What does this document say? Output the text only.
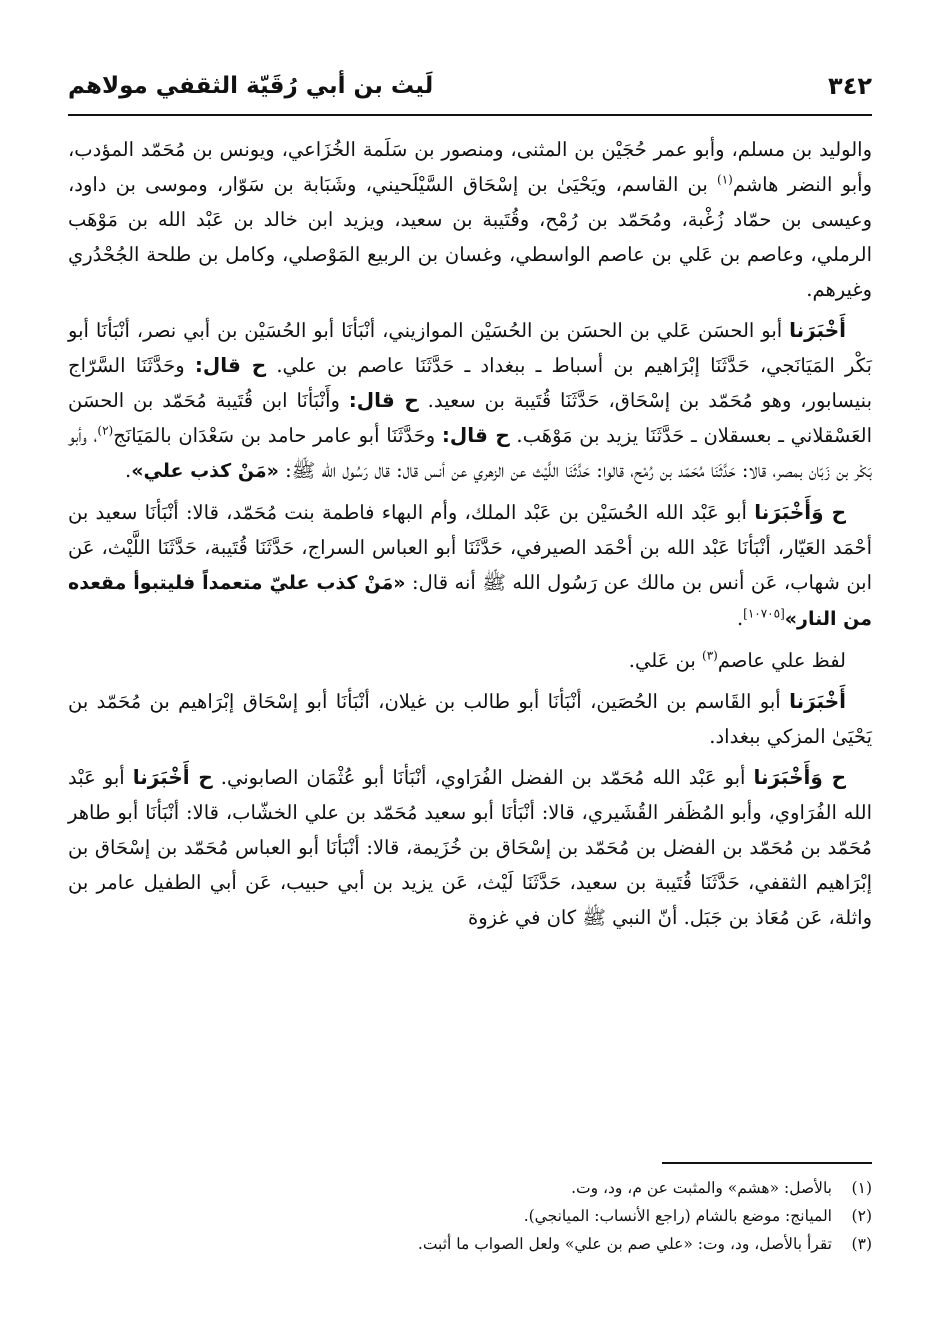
٣٤٢
لَيث بن أبي رُقَيّة الثقفي مولاهم

والوليد بن مسلم، وأبو عمر حُجَيْن بن المثنى، ومنصور بن سَلَمة الخُزَاعي، ويونس بن مُحَمّد المؤدب، وأبو النضر هاشم$^{(١)}$ بن القاسم، ويَحْيَىٰ بن إسْحَاق السَّيْلَحيني، وشَبَابة بن سَوّار، وموسى بن داود، وعيسى بن حمّاد زُغْبة، ومُحَمّد بن رُمْح، وقُتَيبة بن سعيد، ويزيد ابن خالد بن عَبْد الله بن مَوْهَب الرملي، وعاصم بن عَلي بن عاصم الواسطي، وغسان بن الربيع المَوْصلي، وكامل بن طلحة الجُحْدُري وغيرهم.

أَخْبَرَنا أبو الحسَن عَلي بن الحسَن بن الحُسَيْن الموازيني، أنْبَأنَا أبو الحُسَيْن بن أبي نصر، أنْبَأنَا أبو بَكْر المَيَانَجي، حَدَّثَنَا إبْرَاهيم بن أسباط ـ ببغداد ـ حَدَّثَنَا عاصم بن علي. ح قال: وحَدَّثَنَا السَّرّاج بنيسابور، وهو مُحَمّد بن إسْحَاق، حَدَّثَنَا قُتَيبة بن سعيد. ح قال: وأَنْبَأنَا ابن قُتَيبة مُحَمّد بن الحسَن العَسْقلاني ـ بعسقلان ـ حَدَّثَنَا يزيد بن مَوْهَب. ح قال: وحَدَّثَنَا أبو عامر حامد بن سَعْدَان بالمَيَانَج$^{(٢)}$، وأبو بَكْر بن زَبّان بمصر، قالا: حَدَّثَنَا مُحَمّد بن رُمْح، قالوا: حَدَّثَنَا اللَّيْث عن الزهري عن أنس قال: قال رَسُول الله ﷺ: «مَنْ كذب علي».

ح وَأَخْبَرَنا أبو عَبْد الله الحُسَيْن بن عَبْد الملك، وأم البهاء فاطمة بنت مُحَمّد، قالا: أنْبَأنَا سعيد بن أحْمَد العَيّار، أنْبَأنَا عَبْد الله بن أحْمَد الصيرفي، حَدَّثَنَا أبو العباس السراج، حَدَّثَنَا قُتَيبة، حَدَّثَنَا اللَّيْث، عَن ابن شهاب، عَن أنس بن مالك عن رَسُول الله ﷺ أنه قال: «مَنْ كذب عليّ متعمداً فليتبوأ مقعده من النار»[١٠٧٠٥].

لفظ علي عاصم$^{(٣)}$ بن عَلي.

أَخْبَرَنا أبو القَاسم بن الحُصَين، أنْبَأنَا أبو طالب بن غيلان، أنْبَأنَا أبو إسْحَاق إبْرَاهيم بن مُحَمّد بن يَحْيَىٰ المزكي ببغداد.

ح وَأَخْبَرَنا أبو عَبْد الله مُحَمّد بن الفضل الفُرَاوي، أنْبَأنَا أبو عُثْمَان الصابوني. ح أَخْبَرَنا أبو عَبْد الله الفُرَاوي، وأبو المُظَفر القُشَيري، قالا: أنْبَأنَا أبو سعيد مُحَمّد بن علي الخشّاب، قالا: أنْبَأنَا أبو طاهر مُحَمّد بن مُحَمّد بن الفضل بن مُحَمّد بن إسْحَاق بن خُزَيمة، قالا: أنْبَأنَا أبو العباس مُحَمّد بن إسْحَاق بن إبْرَاهيم الثقفي، حَدَّثَنَا قُتَيبة بن سعيد، حَدَّثَنَا لَيْث، عَن يزيد بن أبي حبيب، عَن أبي الطفيل عامر بن واثلة، عَن مُعَاذ بن جَبَل. أنّ النبي ﷺ كان في غزوة

(١)
بالأصل: «هشم» والمثبت عن م، ود، وت.
(٢)
الميانج: موضع بالشام (راجع الأنساب: الميانجي).
(٣)
تقرأ بالأصل، ود، وت: «علي صم بن علي» ولعل الصواب ما أثبت.
